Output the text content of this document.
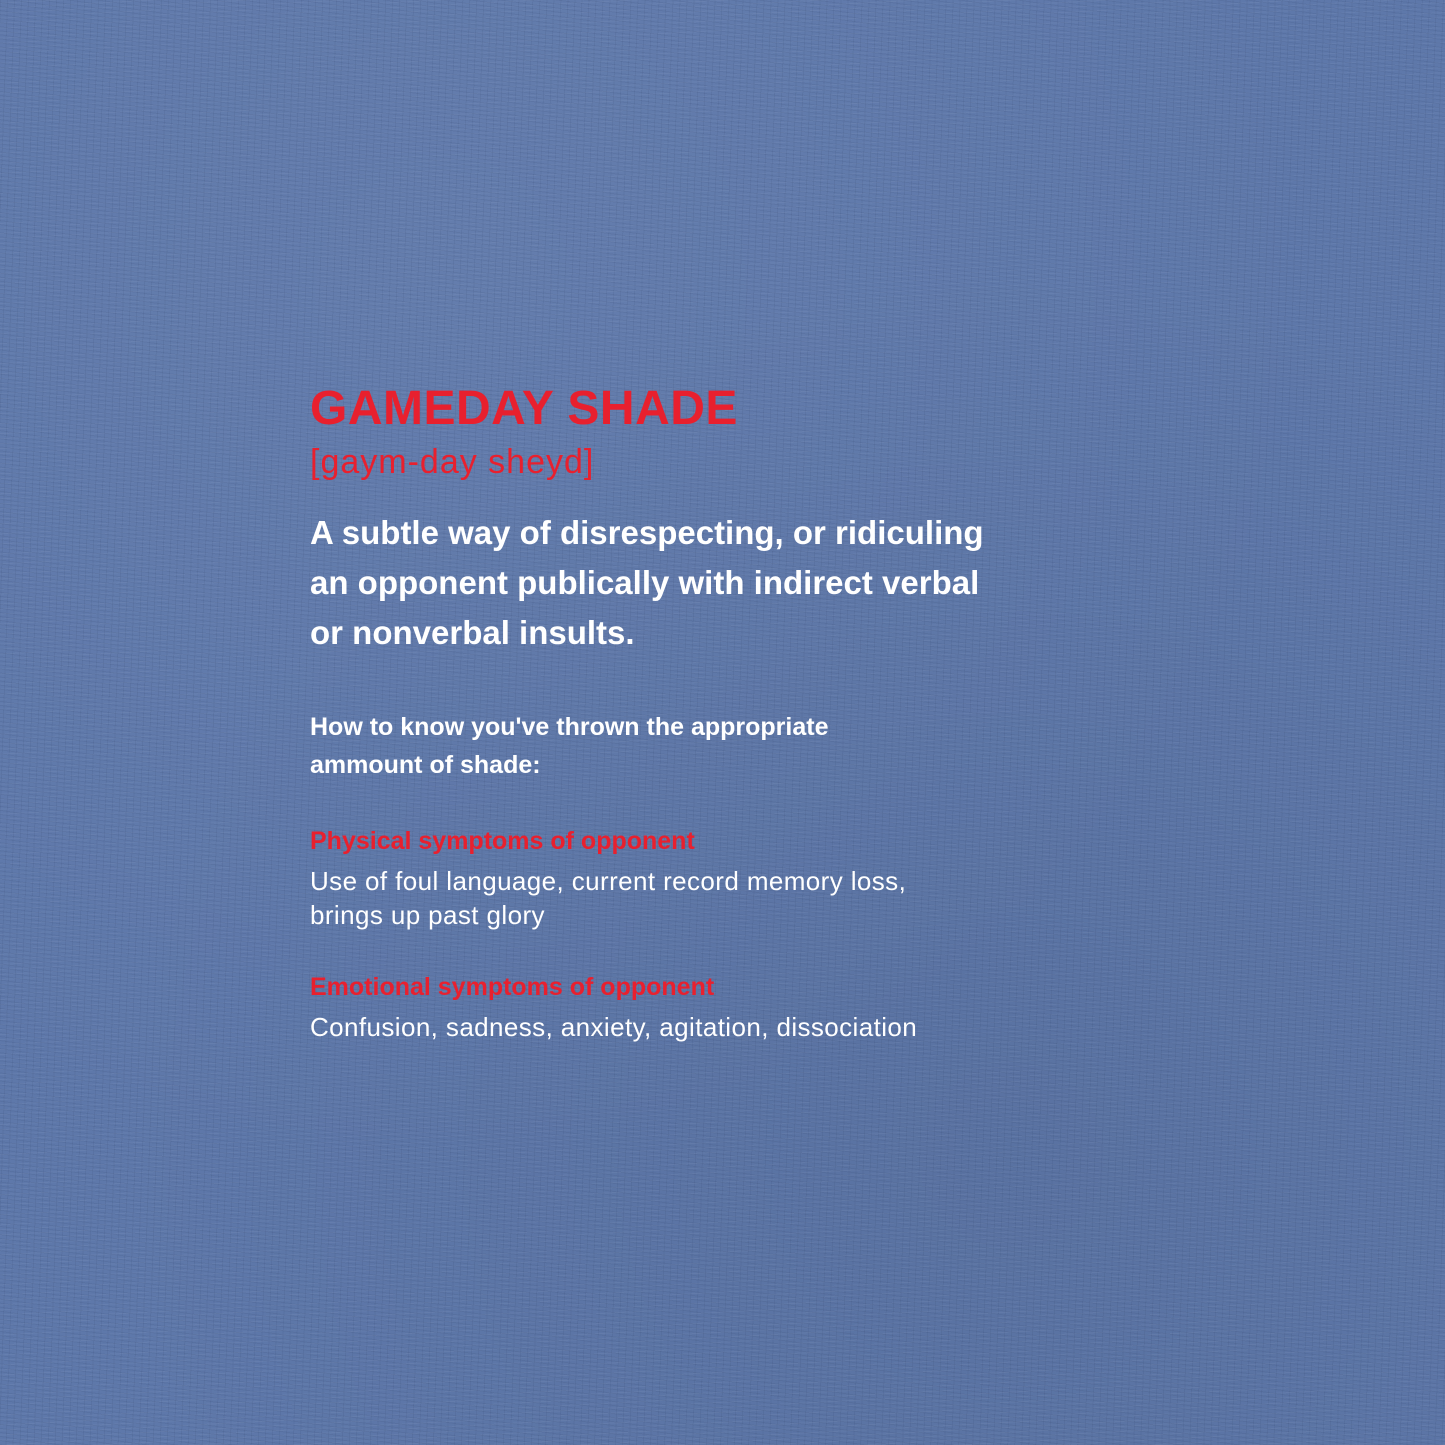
GAMEDAY SHADE

[gaym-day sheyd]

A subtle way of disrespecting, or ridiculing
an opponent publically with indirect verbal
or nonverbal insults.

How to know you've thrown the appropriate
ammount of shade:

Physical symptoms of opponent

Use of foul language, current record memory loss,
brings up past glory

Emotional symptoms of opponent

Confusion, sadness, anxiety, agitation, dissociation
